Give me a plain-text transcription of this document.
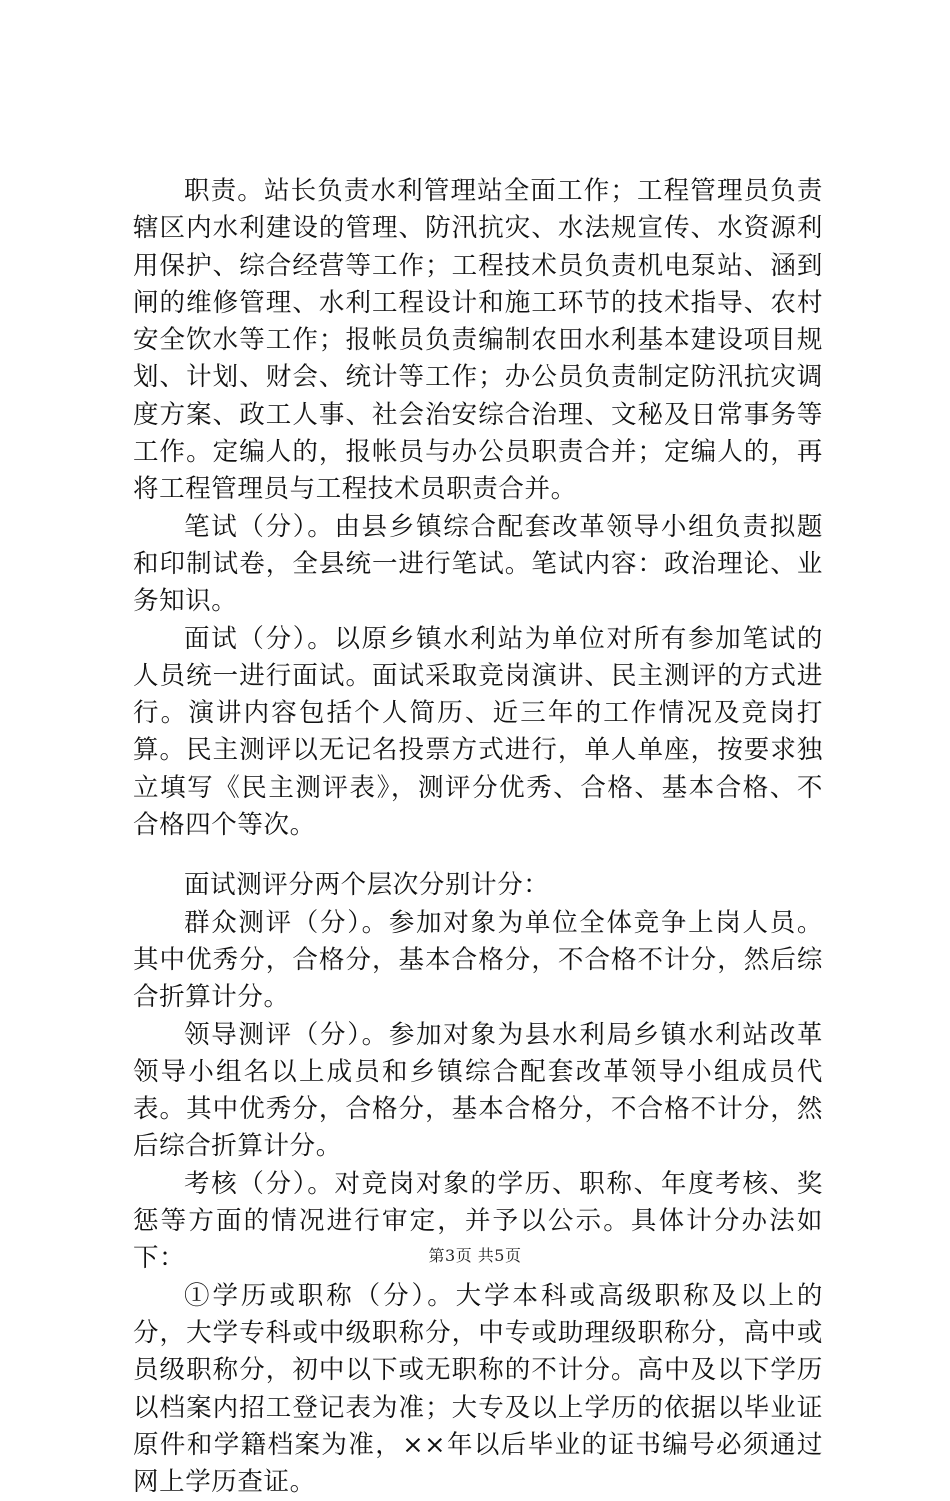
职责。站长负责水利管理站全面工作；工程管理员负责辖区内水利建设的管理、防汛抗灾、水法规宣传、水资源利用保护、综合经营等工作；工程技术员负责机电泵站、涵到闸的维修管理、水利工程设计和施工环节的技术指导、农村安全饮水等工作；报帐员负责编制农田水利基本建设项目规划、计划、财会、统计等工作；办公员负责制定防汛抗灾调度方案、政工人事、社会治安综合治理、文秘及日常事务等工作。定编人的，报帐员与办公员职责合并；定编人的，再将工程管理员与工程技术员职责合并。

笔试（分）。由县乡镇综合配套改革领导小组负责拟题和印制试卷，全县统一进行笔试。笔试内容：政治理论、业务知识。

面试（分）。以原乡镇水利站为单位对所有参加笔试的人员统一进行面试。面试采取竞岗演讲、民主测评的方式进行。演讲内容包括个人简历、近三年的工作情况及竞岗打算。民主测评以无记名投票方式进行，单人单座，按要求独立填写《民主测评表》，测评分优秀、合格、基本合格、不合格四个等次。

面试测评分两个层次分别计分：

群众测评（分）。参加对象为单位全体竞争上岗人员。其中优秀分，合格分，基本合格分，不合格不计分，然后综合折算计分。

领导测评（分）。参加对象为县水利局乡镇水利站改革领导小组名以上成员和乡镇综合配套改革领导小组成员代表。其中优秀分，合格分，基本合格分，不合格不计分，然后综合折算计分。

考核（分）。对竞岗对象的学历、职称、年度考核、奖惩等方面的情况进行审定，并予以公示。具体计分办法如下：

①学历或职称（分）。大学本科或高级职称及以上的分，大学专科或中级职称分，中专或助理级职称分，高中或员级职称分，初中以下或无职称的不计分。高中及以下学历以档案内招工登记表为准；大专及以上学历的依据以毕业证原件和学籍档案为准，××年以后毕业的证书编号必须通过网上学历查证。

第3页 共5页
